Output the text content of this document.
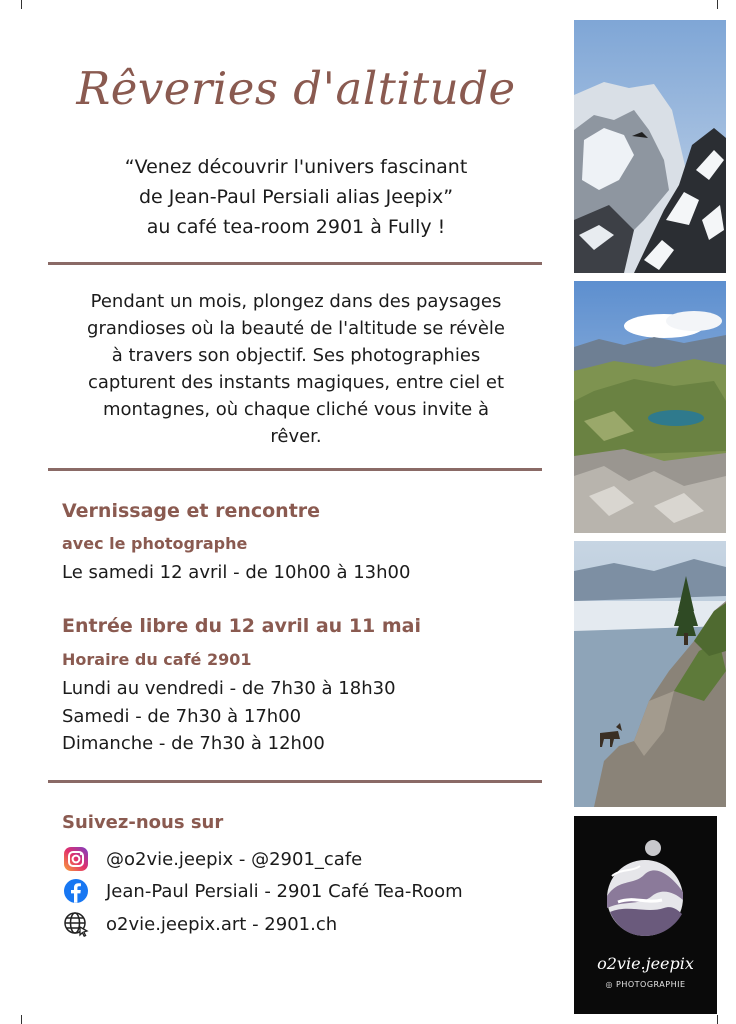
Rêveries d'altitude
“Venez découvrir l'univers fascinant
de Jean-Paul Persiali alias Jeepix”
au café tea-room 2901 à Fully !
Pendant un mois, plongez dans des paysages
grandioses où la beauté de l'altitude se révèle
à travers son objectif. Ses photographies
capturent des instants magiques, entre ciel et
montagnes, où chaque cliché vous invite à
rêver.
Vernissage et rencontre
avec le photographe
Le samedi 12 avril - de 10h00 à 13h00
Entrée libre du 12 avril au 11 mai
Horaire du café 2901
Lundi au vendredi - de 7h30 à 18h30
Samedi - de 7h30 à 17h00
Dimanche - de 7h30 à 12h00
Suivez-nous sur
@o2vie.jeepix - @2901_cafe
Jean-Paul Persiali - 2901 Café Tea-Room
o2vie.jeepix.art - 2901.ch
o2vie.jeepix
◎ PHOTOGRAPHIE
